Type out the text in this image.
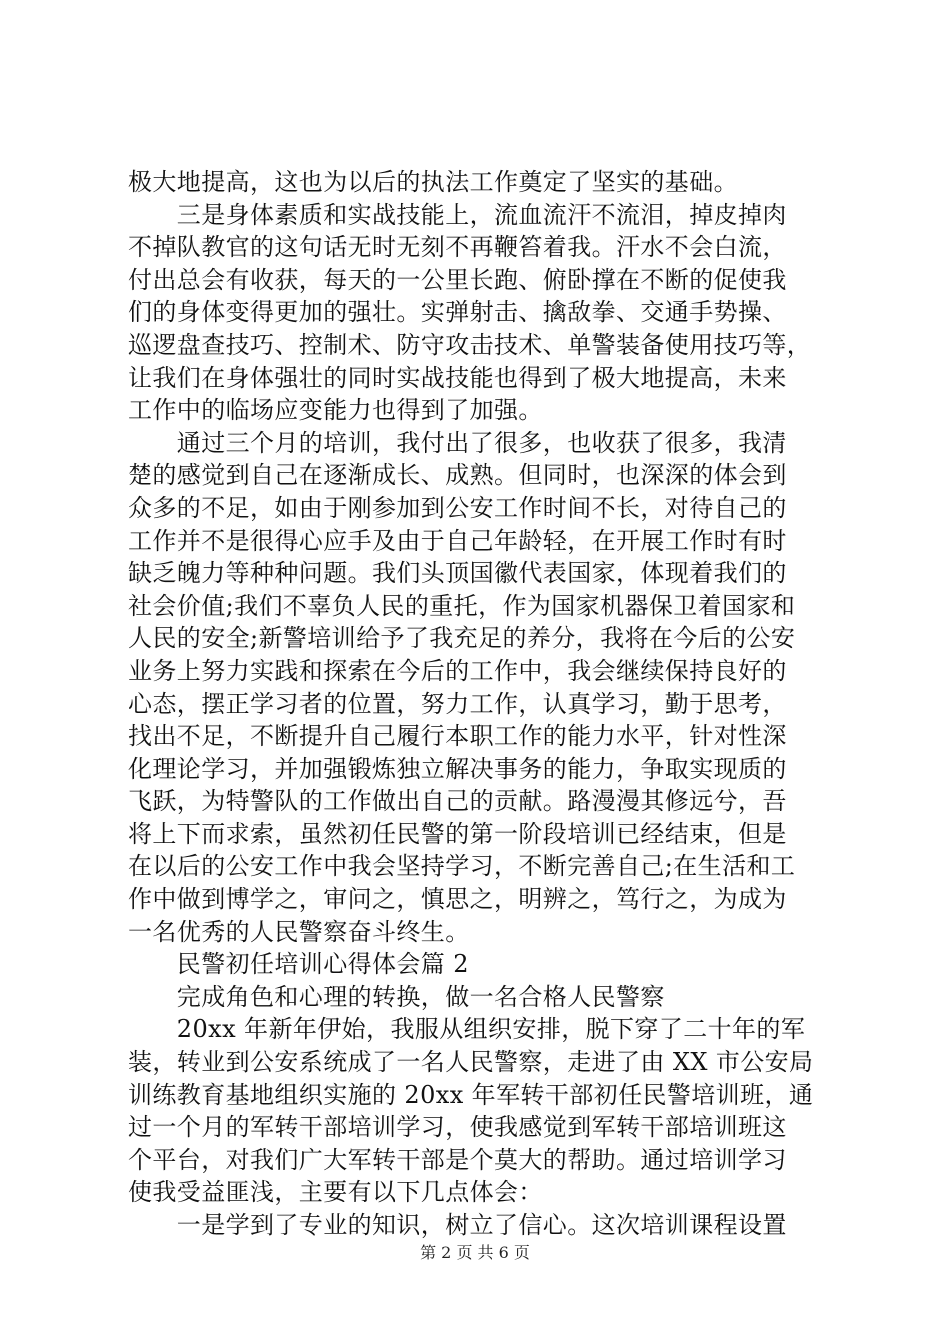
极大地提高，这也为以后的执法工作奠定了坚实的基础。
　　三是身体素质和实战技能上，流血流汗不流泪，掉皮掉肉
不掉队教官的这句话无时无刻不再鞭笞着我。汗水不会白流，
付出总会有收获，每天的一公里长跑、俯卧撑在不断的促使我
们的身体变得更加的强壮。实弹射击、擒敌拳、交通手势操、
巡逻盘查技巧、控制术、防守攻击技术、单警装备使用技巧等，
让我们在身体强壮的同时实战技能也得到了极大地提高，未来
工作中的临场应变能力也得到了加强。
　　通过三个月的培训，我付出了很多，也收获了很多，我清
楚的感觉到自己在逐渐成长、成熟。但同时，也深深的体会到
众多的不足，如由于刚参加到公安工作时间不长，对待自己的
工作并不是很得心应手及由于自己年龄轻，在开展工作时有时
缺乏魄力等种种问题。我们头顶国徽代表国家，体现着我们的
社会价值;我们不辜负人民的重托，作为国家机器保卫着国家和
人民的安全;新警培训给予了我充足的养分，我将在今后的公安
业务上努力实践和探索在今后的工作中，我会继续保持良好的
心态，摆正学习者的位置，努力工作，认真学习，勤于思考，
找出不足，不断提升自己履行本职工作的能力水平，针对性深
化理论学习，并加强锻炼独立解决事务的能力，争取实现质的
飞跃，为特警队的工作做出自己的贡献。路漫漫其修远兮，吾
将上下而求索，虽然初任民警的第一阶段培训已经结束，但是
在以后的公安工作中我会坚持学习，不断完善自己;在生活和工
作中做到博学之，审问之，慎思之，明辨之，笃行之，为成为
一名优秀的人民警察奋斗终生。
　　民警初任培训心得体会篇 2
　　完成角色和心理的转换，做一名合格人民警察
　　20xx 年新年伊始，我服从组织安排，脱下穿了二十年的军
装，转业到公安系统成了一名人民警察，走进了由 XX 市公安局
训练教育基地组织实施的 20xx 年军转干部初任民警培训班，通
过一个月的军转干部培训学习，使我感觉到军转干部培训班这
个平台，对我们广大军转干部是个莫大的帮助。通过培训学习
使我受益匪浅，主要有以下几点体会：
　　一是学到了专业的知识，树立了信心。这次培训课程设置
第 2 页 共 6 页
